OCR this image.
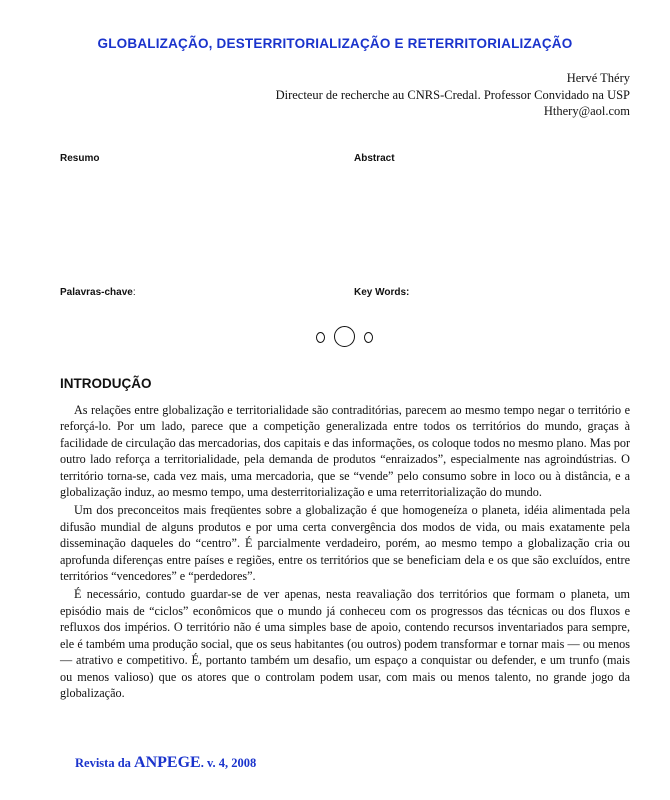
GLOBALIZAÇÃO, DESTERRITORIALIZAÇÃO E RETERRITORIALIZAÇÃO
Hervé Théry
Directeur de recherche au CNRS-Credal. Professor Convidado na USP
Hthery@aol.com
Resumo	Abstract
Palavras-chave:	Key Words:
INTRODUÇÃO

As relações entre globalização e territorialidade são contraditórias, parecem ao mesmo tempo negar o território e reforçá-lo. Por um lado, parece que a competição generalizada entre todos os territórios do mundo, graças à facilidade de circulação das mercadorias, dos capitais e das informações, os coloque todos no mesmo plano. Mas por outro lado reforça a territorialidade, pela demanda de produtos “enraizados”, especialmente nas agroindústrias. O território torna-se, cada vez mais, uma mercadoria, que se “vende” pelo consumo sobre in loco ou à distância, e a globalização induz, ao mesmo tempo, uma desterritorialização e uma reterritorialização do mundo.

Um dos preconceitos mais freqüentes sobre a globalização é que homogeneíza o planeta, idéia alimentada pela difusão mundial de alguns produtos e por uma certa convergência dos modos de vida, ou mais exatamente pela disseminação daqueles do “centro”. É parcialmente verdadeiro, porém, ao mesmo tempo a globalização cria ou aprofunda diferenças entre países e regiões, entre os territórios que se beneficiam dela e os que são excluídos, entre territórios “vencedores” e “perdedores”.

É necessário, contudo guardar-se de ver apenas, nesta reavaliação dos territórios que formam o planeta, um episódio mais de “ciclos” econômicos que o mundo já conheceu com os progressos das técnicas ou dos fluxos e refluxos dos impérios. O território não é uma simples base de apoio, contendo recursos inventariados para sempre, ele é também uma produção social, que os seus habitantes (ou outros) podem transformar e tornar mais — ou menos — atrativo e competitivo. É, portanto também um desafio, um espaço a conquistar ou defender, e um trunfo (mais ou menos valioso) que os atores que o controlam podem usar, com mais ou menos talento, no grande jogo da globalização.

Revista da ANPEGE. v. 4, 2008
